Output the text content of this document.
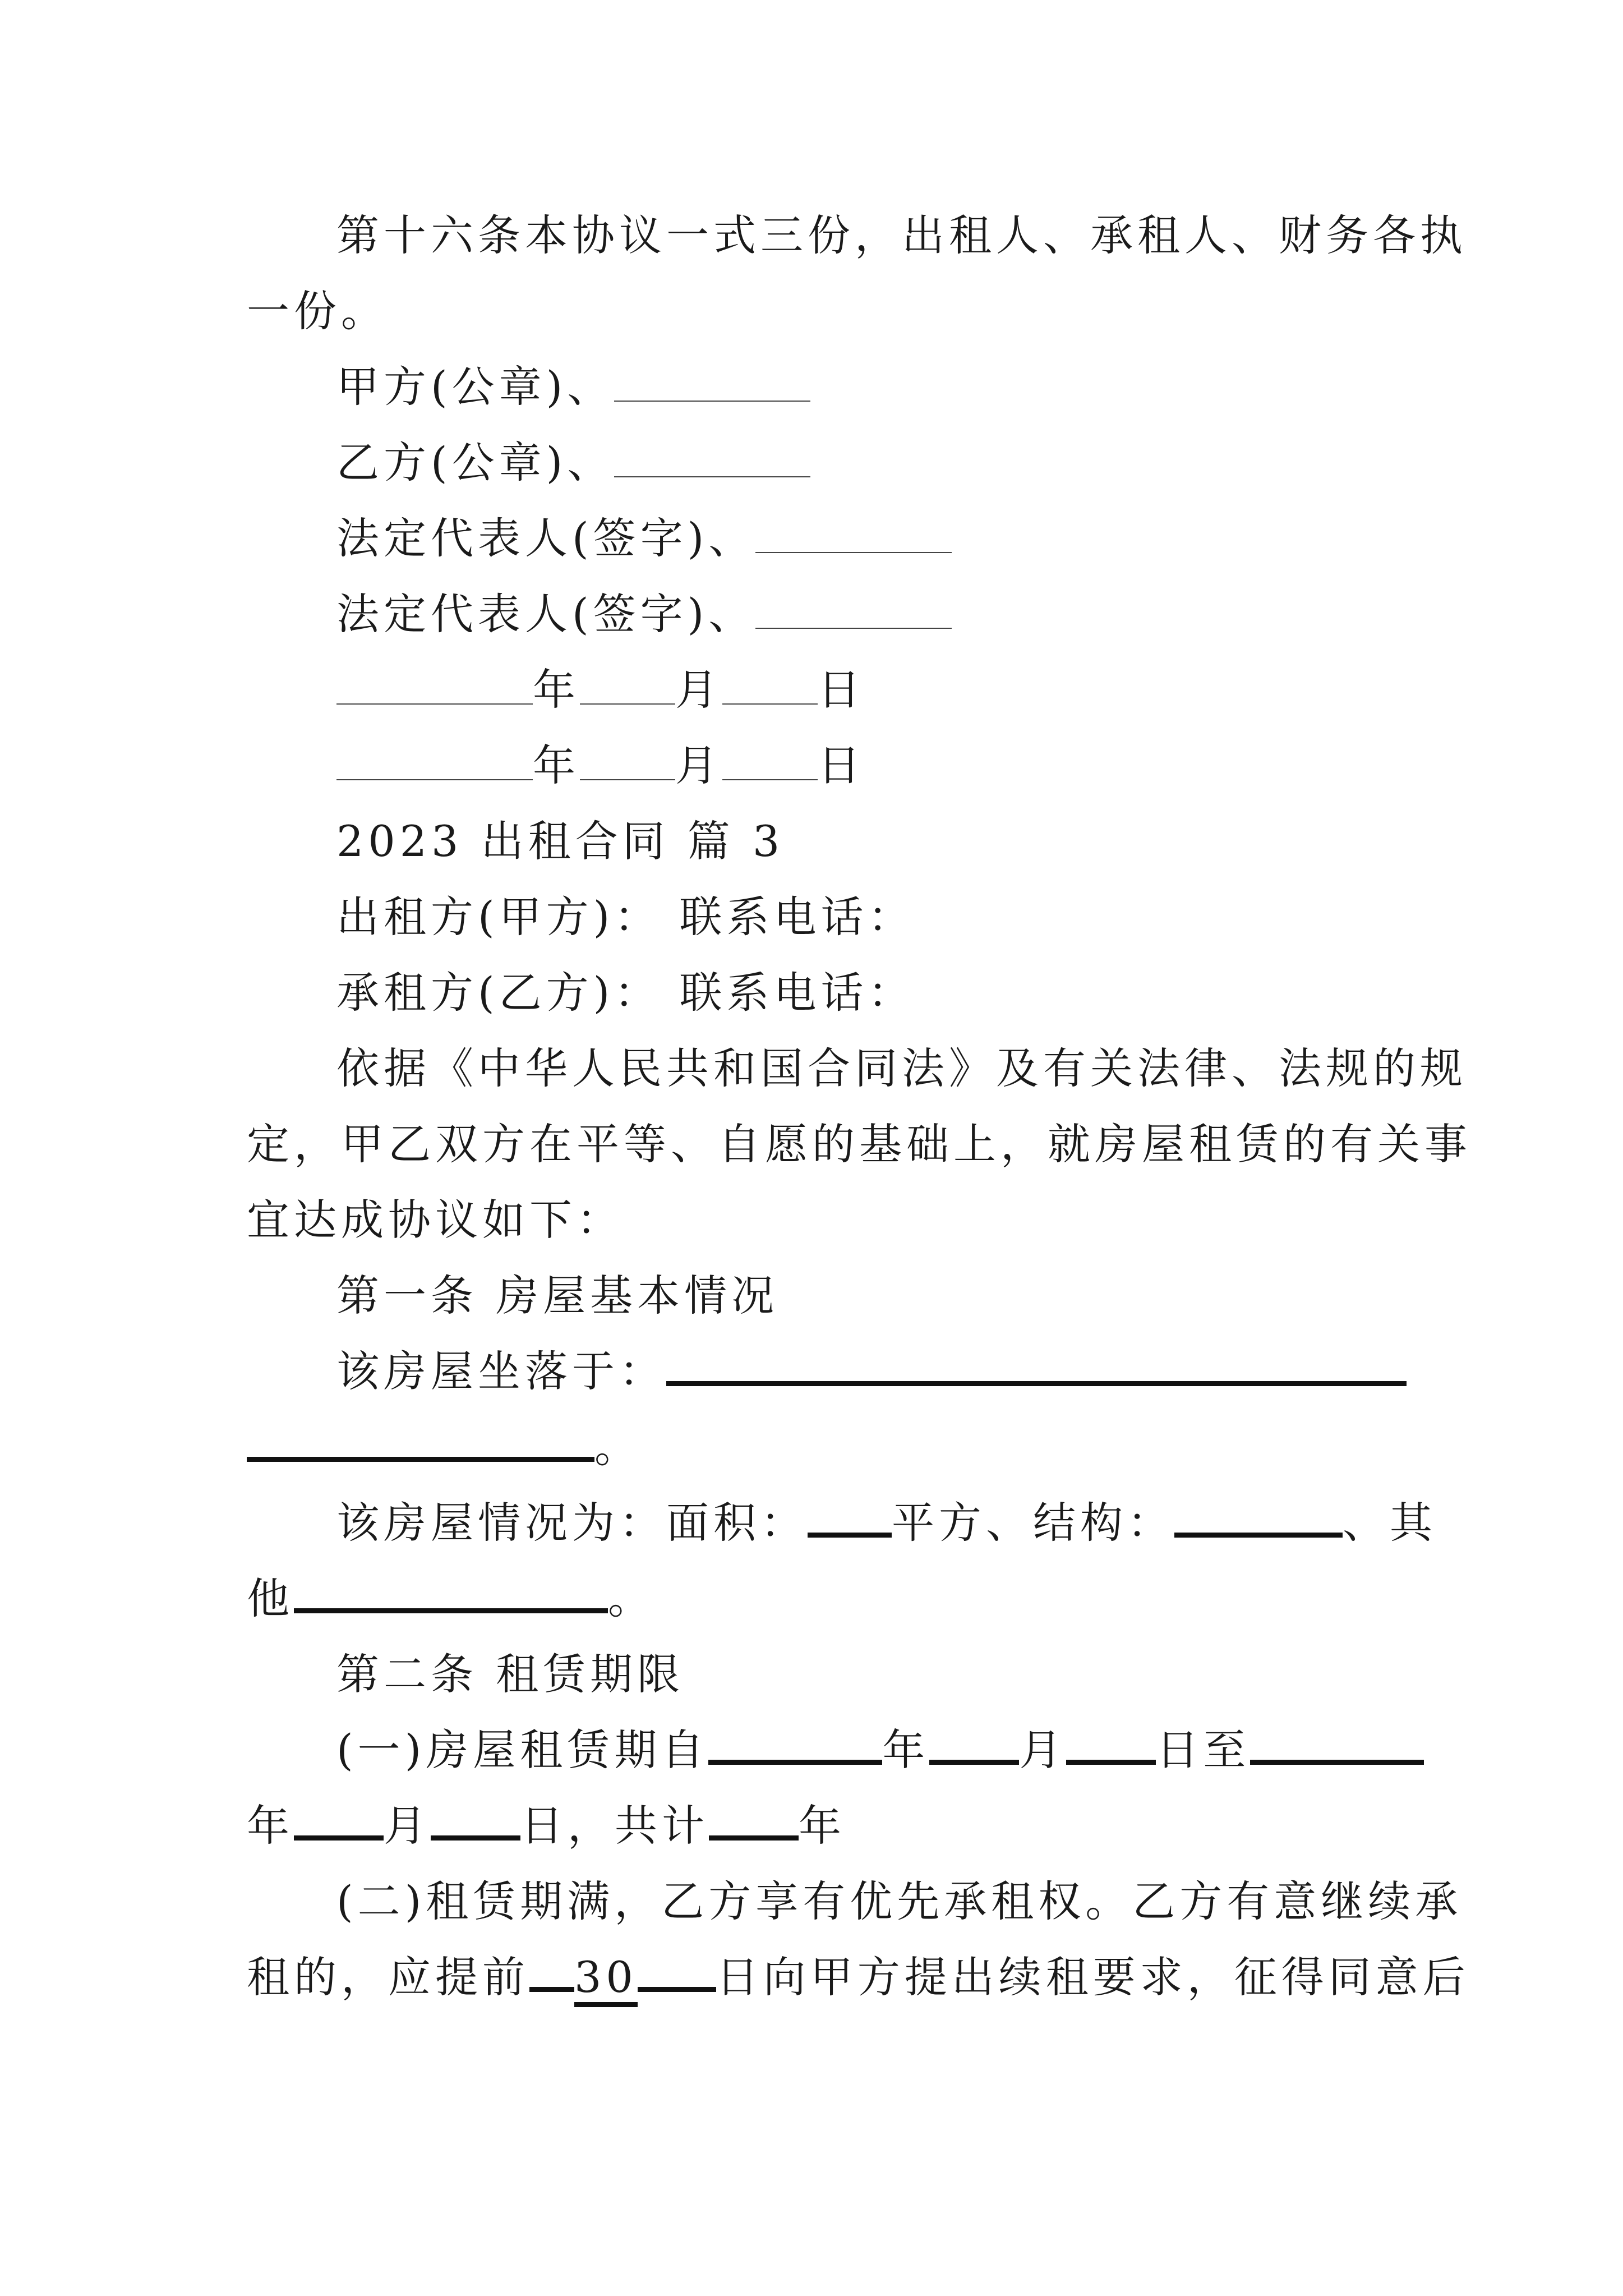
第十六条本协议一式三份，出租人、承租人、财务各执
一份。
甲方(公章)、
乙方(公章)、
法定代表人(签字)、
法定代表人(签字)、
年 月 日
年 月 日
2023 出租合同 篇 3
出租方(甲方)： 联系电话：
承租方(乙方)： 联系电话：
依据《中华人民共和国合同法》及有关法律、法规的规
定，甲乙双方在平等、自愿的基础上，就房屋租赁的有关事
宜达成协议如下：
第一条 房屋基本情况
该房屋坐落于：
。
该房屋情况为：面积： 平方、结构：	、其
他	。
第二条 租赁期限
(一)房屋租赁期自	年 月 日至
年 月 日，共计 年
(二)租赁期满，乙方享有优先承租权。乙方有意继续承
租的，应提前 30 日向甲方提出续租要求，征得同意后
